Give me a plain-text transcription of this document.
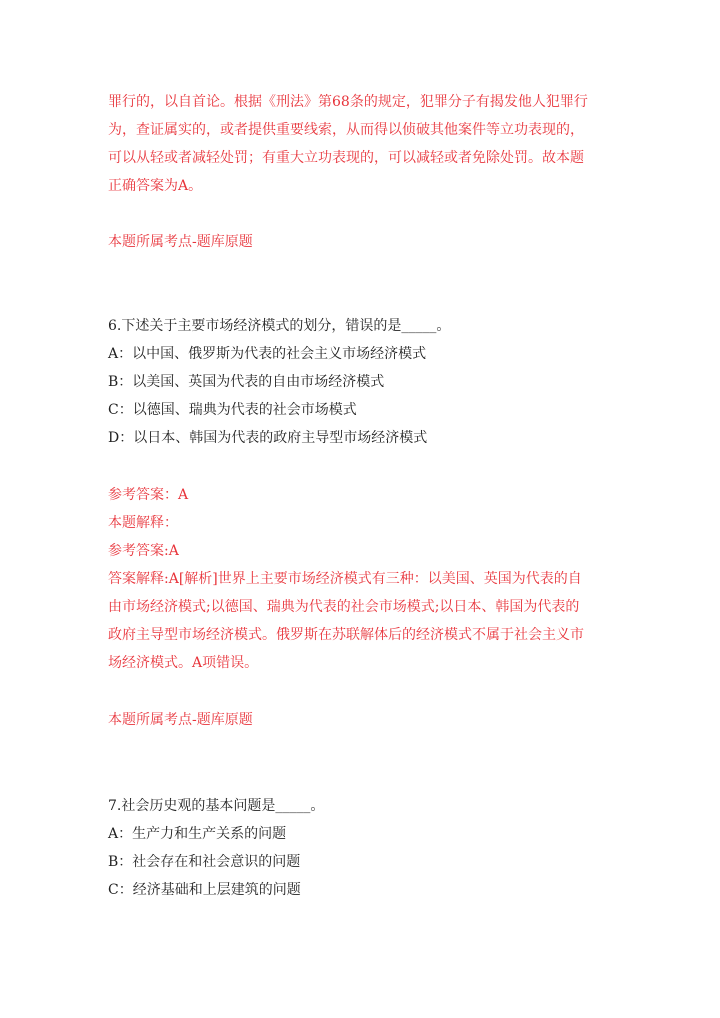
罪行的，以自首论。根据《刑法》第68条的规定，犯罪分子有揭发他人犯罪行
为，查证属实的，或者提供重要线索，从而得以侦破其他案件等立功表现的，
可以从轻或者减轻处罚；有重大立功表现的，可以减轻或者免除处罚。故本题
正确答案为A。
本题所属考点-题库原题
6.下述关于主要市场经济模式的划分，错误的是_____。
A：以中国、俄罗斯为代表的社会主义市场经济模式
B：以美国、英国为代表的自由市场经济模式
C：以德国、瑞典为代表的社会市场模式
D：以日本、韩国为代表的政府主导型市场经济模式
参考答案：A
本题解释：
参考答案:A
答案解释:A[解析]世界上主要市场经济模式有三种：以美国、英国为代表的自
由市场经济模式;以德国、瑞典为代表的社会市场模式;以日本、韩国为代表的
政府主导型市场经济模式。俄罗斯在苏联解体后的经济模式不属于社会主义市
场经济模式。A项错误。
本题所属考点-题库原题
7.社会历史观的基本问题是_____。
A：生产力和生产关系的问题
B：社会存在和社会意识的问题
C：经济基础和上层建筑的问题
